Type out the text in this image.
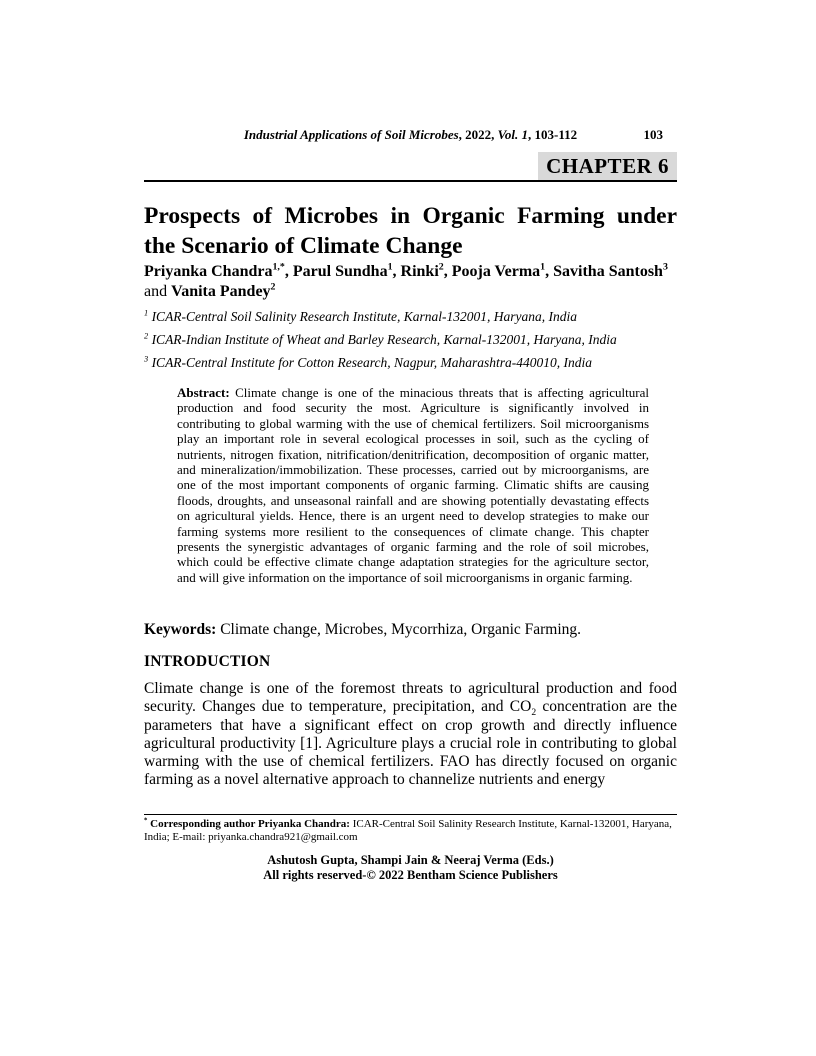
Industrial Applications of Soil Microbes, 2022, Vol. 1, 103-112	103
CHAPTER 6
Prospects of Microbes in Organic Farming under
the Scenario of Climate Change
Priyanka Chandra$^{1,*}$, Parul Sundha$^1$, Rinki$^2$, Pooja Verma$^1$, Savitha Santosh$^3$
and Vanita Pandey$^2$
$^1$ ICAR-Central Soil Salinity Research Institute, Karnal-132001, Haryana, India
$^2$ ICAR-Indian Institute of Wheat and Barley Research, Karnal-132001, Haryana, India
$^3$ ICAR-Central Institute for Cotton Research, Nagpur, Maharashtra-440010, India
Abstract: Climate change is one of the minacious threats that is affecting agricultural production and food security the most. Agriculture is significantly involved in contributing to global warming with the use of chemical fertilizers. Soil microorganisms play an important role in several ecological processes in soil, such as the cycling of nutrients, nitrogen fixation, nitrification/denitrification, decomposition of organic matter, and mineralization/immobilization. These processes, carried out by microorganisms, are one of the most important components of organic farming. Climatic shifts are causing floods, droughts, and unseasonal rainfall and are showing potentially devastating effects on agricultural yields. Hence, there is an urgent need to develop strategies to make our farming systems more resilient to the consequences of climate change. This chapter presents the synergistic advantages of organic farming and the role of soil microbes, which could be effective climate change adaptation strategies for the agriculture sector, and will give information on the importance of soil microorganisms in organic farming.
Keywords: Climate change, Microbes, Mycorrhiza, Organic Farming.
INTRODUCTION
Climate change is one of the foremost threats to agricultural production and food security. Changes due to temperature, precipitation, and $CO_2$ concentration are the parameters that have a significant effect on crop growth and directly influence agricultural productivity [1]. Agriculture plays a crucial role in contributing to global warming with the use of chemical fertilizers. FAO has directly focused on organic farming as a novel alternative approach to channelize nutrients and energy
* Corresponding author Priyanka Chandra: ICAR-Central Soil Salinity Research Institute, Karnal-132001, Haryana, India; E-mail: priyanka.chandra921@gmail.com
Ashutosh Gupta, Shampi Jain & Neeraj Verma (Eds.)
All rights reserved-© 2022 Bentham Science Publishers
